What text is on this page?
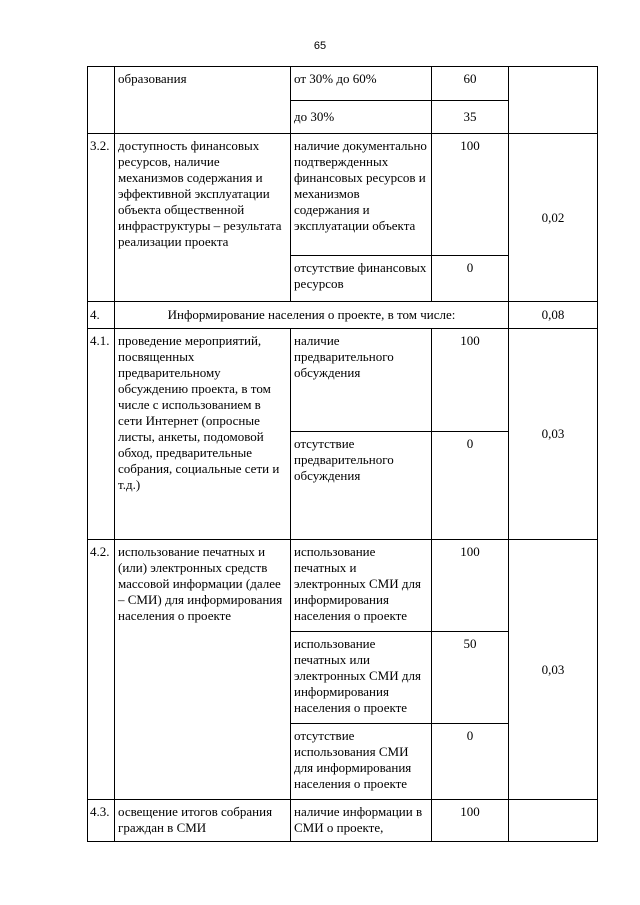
65
	образования	от 30% до 60%	60	
		до 30%	35	
3.2.	доступность финансовых ресурсов, наличие механизмов содержания и эффективной эксплуатации объекта общественной инфраструктуры – результата реализации проекта	наличие документально подтвержденных финансовых ресурсов и механизмов содержания и эксплуатации объекта	100	0,02
		отсутствие финансовых ресурсов	0	
4.	Информирование населения о проекте, в том числе:			0,08
4.1.	проведение мероприятий, посвященных предварительному обсуждению проекта, в том числе с использованием в сети Интернет (опросные листы, анкеты, подомовой обход, предварительные собрания, социальные сети и т.д.)	наличие предварительного обсуждения	100	0,03
		отсутствие предварительного обсуждения	0	
4.2.	использование печатных и (или) электронных средств массовой информации (далее – СМИ) для информирования населения о проекте	использование печатных и электронных СМИ для информирования населения о проекте	100	0,03
		использование печатных или электронных СМИ для информирования населения о проекте	50	
		отсутствие использования СМИ для информирования населения о проекте	0	
4.3.	освещение итогов собрания граждан в СМИ	наличие информации в СМИ о проекте,	100	
